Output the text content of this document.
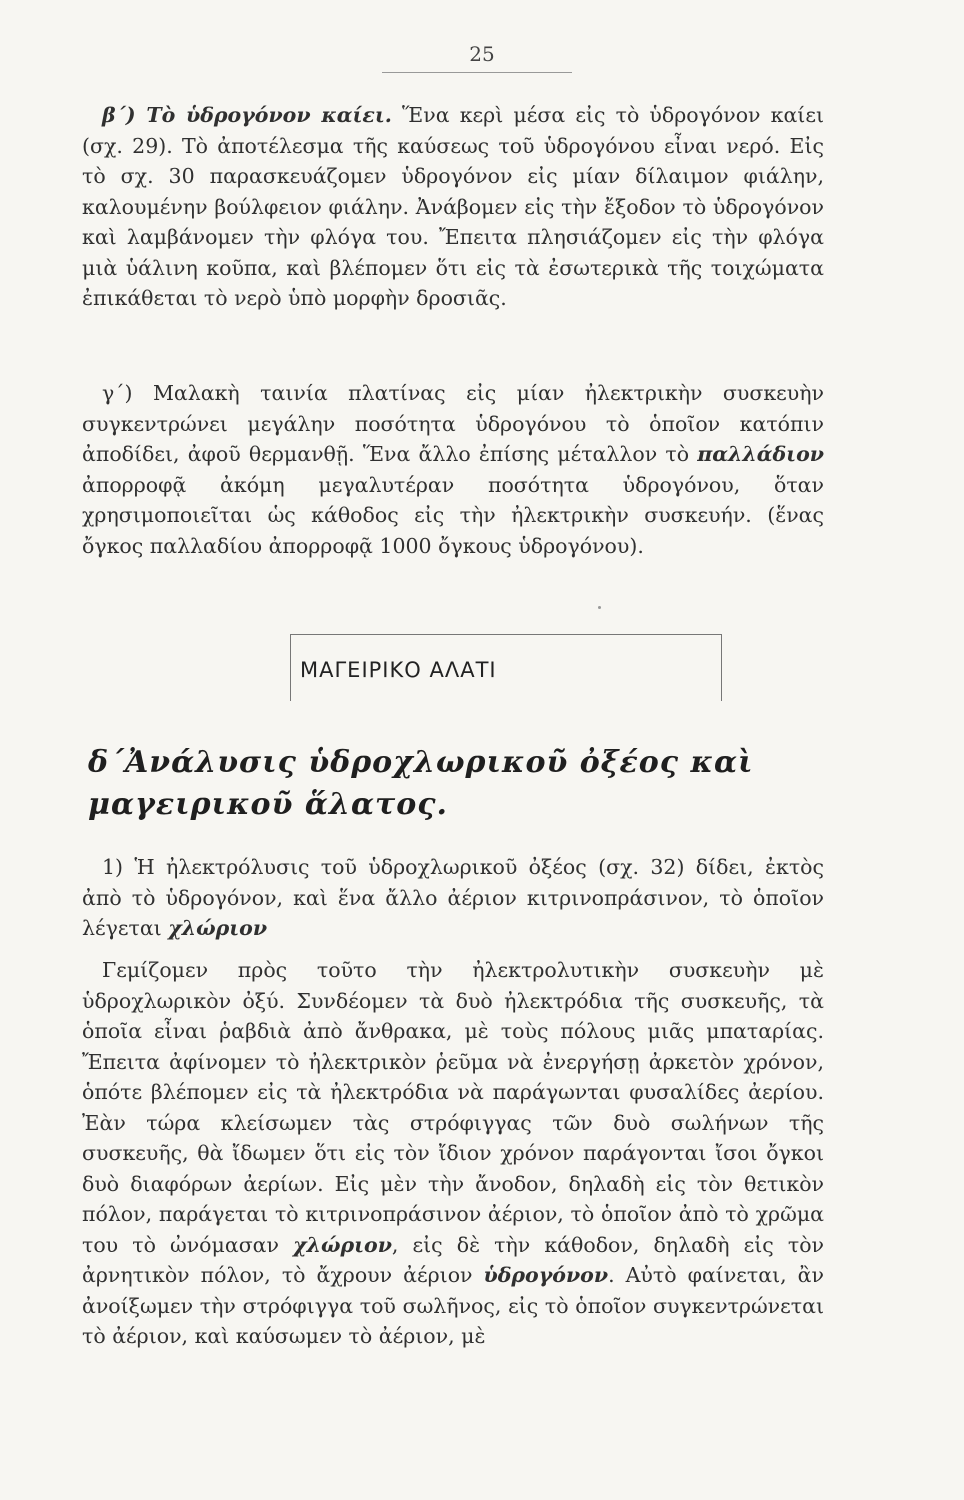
25

β΄) Τὸ ὑδρογόνον καίει. Ἕνα κερὶ μέσα εἰς τὸ ὑδρογόνον καίει (σχ. 29). Τὸ ἀποτέλεσμα τῆς καύσεως τοῦ ὑδρογόνου εἶναι νερό. Εἰς τὸ σχ. 30 παρασκευάζομεν ὑδρογόνον εἰς μίαν δίλαιμον φιάλην, καλουμένην βούλφειον φιάλην. Ἀνάβομεν εἰς τὴν ἔξοδον τὸ ὑδρογόνον καὶ λαμβάνομεν τὴν φλόγα του. Ἔπειτα πλησιάζομεν εἰς τὴν φλόγα μιὰ ὑάλινη κοῦπα, καὶ βλέπομεν ὅτι εἰς τὰ ἐσωτερικὰ τῆς τοιχώματα ἐπικάθεται τὸ νερὸ ὑπὸ μορφὴν δροσιᾶς.

γ΄) Μαλακὴ ταινία πλατίνας εἰς μίαν ἠλεκτρικὴν συσκευὴν συγκεντρώνει μεγάλην ποσότητα ὑδρογόνου τὸ ὁποῖον κατόπιν ἀποδίδει, ἀφοῦ θερμανθῇ. Ἕνα ἄλλο ἐπίσης μέταλλον τὸ παλλάδιον ἀπορροφᾷ ἀκόμη μεγαλυτέραν ποσότητα ὑδρογόνου, ὅταν χρησιμοποιεῖται ὡς κάθοδος εἰς τὴν ἠλεκτρικὴν συσκευήν. (ἕνας ὄγκος παλλαδίου ἀπορροφᾷ 1000 ὄγκους ὑδρογόνου).

ΜΑΓΕΙΡΙΚΟ ΑΛΑΤΙ
δ΄Ἀνάλυσις ὑδροχλωρικοῦ ὀξέος καὶ μαγειρικοῦ ἅλατος.

1) Ἡ ἠλεκτρόλυσις τοῦ ὑδροχλωρικοῦ ὀξέος (σχ. 32) δίδει, ἐκτὸς ἀπὸ τὸ ὑδρογόνον, καὶ ἕνα ἄλλο ἀέριον κιτρινοπράσινον, τὸ ὁποῖον λέγεται χλώριον

Γεμίζομεν πρὸς τοῦτο τὴν ἠλεκτρολυτικὴν συσκευὴν μὲ ὑδροχλωρικὸν ὀξύ. Συνδέομεν τὰ δυὸ ἠλεκτρόδια τῆς συσκευῆς, τὰ ὁποῖα εἶναι ῥαβδιὰ ἀπὸ ἄνθρακα, μὲ τοὺς πόλους μιᾶς μπαταρίας. Ἔπειτα ἀφίνομεν τὸ ἠλεκτρικὸν ῥεῦμα νὰ ἐνεργήσῃ ἀρκετὸν χρόνον, ὁπότε βλέπομεν εἰς τὰ ἠλεκτρόδια νὰ παράγωνται φυσαλίδες ἀερίου. Ἐὰν τώρα κλείσωμεν τὰς στρόφιγγας τῶν δυὸ σωλήνων τῆς συσκευῆς, θὰ ἴδωμεν ὅτι εἰς τὸν ἴδιον χρόνον παράγονται ἴσοι ὄγκοι δυὸ διαφόρων ἀερίων. Εἰς μὲν τὴν ἄνοδον, δηλαδὴ εἰς τὸν θετικὸν πόλον, παράγεται τὸ κιτρινοπράσινον ἀέριον, τὸ ὁποῖον ἀπὸ τὸ χρῶμα του τὸ ὠνόμασαν χλώριον, εἰς δὲ τὴν κάθοδον, δηλαδὴ εἰς τὸν ἀρνητικὸν πόλον, τὸ ἄχρουν ἀέριον ὑδρογόνον. Αὐτὸ φαίνεται, ἂν ἀνοίξωμεν τὴν στρόφιγγα τοῦ σωλῆνος, εἰς τὸ ὁποῖον συγκεντρώνεται τὸ ἀέριον, καὶ καύσωμεν τὸ ἀέριον, μὲ
